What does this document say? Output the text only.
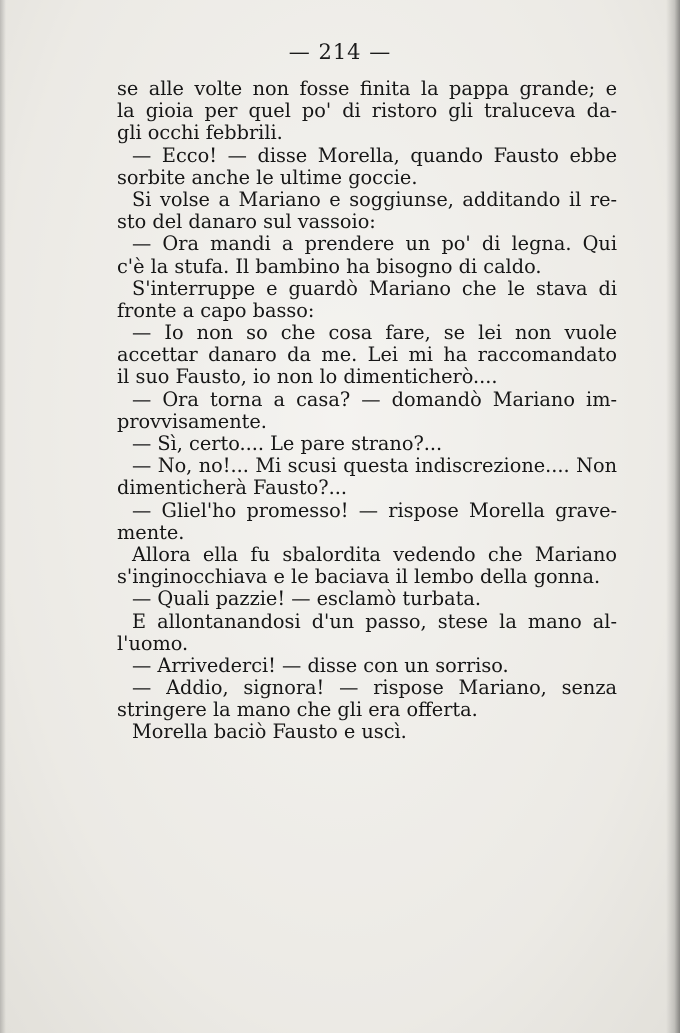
— 214 —
se alle volte non fosse finita la pappa grande; e
la gioia per quel po' di ristoro gli traluceva da-
gli occhi febbrili.
— Ecco! — disse Morella, quando Fausto ebbe
sorbite anche le ultime goccie.
Si volse a Mariano e soggiunse, additando il re-
sto del danaro sul vassoio:
— Ora mandi a prendere un po' di legna. Qui
c'è la stufa. Il bambino ha bisogno di caldo.
S'interruppe e guardò Mariano che le stava di
fronte a capo basso:
— Io non so che cosa fare, se lei non vuole
accettar danaro da me. Lei mi ha raccomandato
il suo Fausto, io non lo dimenticherò....
— Ora torna a casa? — domandò Mariano im-
provvisamente.
— Sì, certo.... Le pare strano?...
— No, no!... Mi scusi questa indiscrezione.... Non
dimenticherà Fausto?...
— Gliel'ho promesso! — rispose Morella grave-
mente.
Allora ella fu sbalordita vedendo che Mariano
s'inginocchiava e le baciava il lembo della gonna.
— Quali pazzie! — esclamò turbata.
E allontanandosi d'un passo, stese la mano al-
l'uomo.
— Arrivederci! — disse con un sorriso.
— Addio, signora! — rispose Mariano, senza
stringere la mano che gli era offerta.
Morella baciò Fausto e uscì.
